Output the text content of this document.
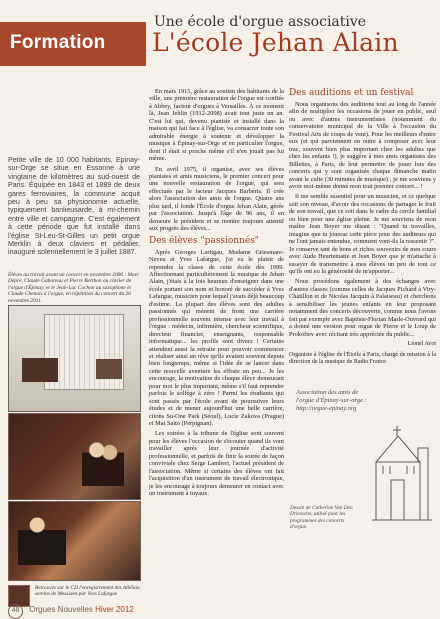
Formation
Une école d'orgue associative
L'école Jehan Alain
Petite ville de 10 000 habitants, Epinay-sur-Orge se situe en Essonne à une vingtaine de kilomètres au sud-ouest de Paris. Équipée en 1843 et 1889 de deux gares ferroviaires, la commune acquit peu à peu sa physionomie actuelle, typiquement banlieusarde, à mi-chemin entre ville et campagne. C'est également à cette période que fut installé dans l'église St-Leu-St-Gilles un petit orgue Merklin à deux claviers et pédalier, inauguré solennellement le 3 juillet 1887.
Élèves au travail avant un concert en novembre 2006 : Marc Dépré, Claude Gaboreau et Pierre Berthon au clavier de l'orgue d'Épinay, et le Jean-Luc Cochon au saxophone et Claude Chenais à l'orgue, en répétition du concert du 20 novembre 2011.
Retrouvez sur le CD l'enregistrement des Alléluia sereins de Messiaen par Yves Lafargue
48 Orgues Nouvelles Hiver 2012

En mars 1915, grâce au soutien des habitants de la ville, une première restauration de l'orgue est confiée à Abbey, facteur d'orgues à Versailles. À ce moment là, Jean Jehlin (1912-2008) avait tout juste un an. C'est lui qui, devenu pianiste et installé dans la maison qui fait face à l'église, va consacrer toute son admirable énergie à soutenir et développer la musique à Épinay-sur-Orge et en particulier l'orgue, dont il était si proche même s'il n'en jouait pas lui même.

En avril 1975, il organise, avec ses élèves pianistes et amis musiciens, le premier concert pour une nouvelle restauration de l'orgue, qui sera effectuée par le facteur Jacques Barbéris. Il crée alors l'association des amis de l'orgue. Quatre ans plus tard, il fonde l'École d'orgue Jehan Alain, gérée par l'association. Jusqu'à l'âge de 96 ans, il en demeure le président et se montre toujours attentif aux progrès des élèves...

Des élèves "passionnés"

Après Georges Lartigau, Madame Griesmare-Neveu et Yves Lafargue, j'ai eu le plaisir de reprendre la classe de cette école dès 1999. Affectionnant particulièrement la musique de Jehan Alain, j'étais à la fois heureux d'enseigner dans une école portant son nom et honoré de succéder à Yves Lafargue, musicien pour lequel j'avais déjà beaucoup d'estime. La plupart des élèves sont des adultes passionnés qui mènent de front une carrière professionnelle souvent intense avec leur travail à l'orgue : médecin, infirmière, chercheur scientifique, directeur financier, enseignants, responsable informatique... les profils sont divers ! Certains attendent aussi la retraite pour pouvoir commencer et réaliser ainsi un rêve qu'ils avaient souvent depuis bien longtemps, même si l'idée de se lancer dans cette nouvelle aventure les effraie un peu... Je les encourage, la motivation de chaque élève demeurant pour moi le plus important, même s'il faut reprendre parfois le solfège à zéro ! Parmi les étudiants qui sont passés par l'école avant de poursuivre leurs études et de mener aujourd'hui une belle carrière, citons Su-One Park (Séoul), Lucie Zakova (Prague) et Mai Saito (Perpignan).

Les soirées à la tribune de l'église sont souvent pour les élèves l'occasion de s'écouter quand ils vont travailler après leur journée d'activité professionnelle, et parfois de finir la soirée de façon conviviale chez Serge Lambert, l'actuel président de l'association. Même si certains des élèves ont fait l'acquisition d'un instrument de travail électronique, je les encourage à toujours demeurer en contact avec un instrument à tuyaux.

Des auditions et un festival

Nous organisons des auditions tout au long de l'année afin de multiplier les occasions de jouer en public, seul ou avec d'autres instrumentistes (notamment du conservatoire municipal de la Ville à l'occasion du Festival Arts de coups de vent). Pour les meilleurs d'entre eux (et qui parviennent en outre à composer avec leur trac, souvent bien plus important chez les adultes que chez les enfants !), je suggère à mes amis organistes des Billettes, à Paris, de leur permettre de jouer lors des concerts qui y sont organisés chaque dimanche matin avant le culte (30 minutes de musique) ; je me souviens y avoir moi-même donné mon tout premier concert... !

Il me semble essentiel pour un musicien, et ce quelque soit son niveau, d'avoir des occasions de partager le fruit de son travail, que ce soit dans le cadre du cercle familial ou bien pour une église pleine. Je me souviens de mon maître Jean Boyer me disant : "Quand tu travailles, imagine que tu joueras cette pièce pour des auditeurs qui ne l'ont jamais entendue, comment vont-ils la ressentir ?". Je conserve tant de bons et riches souvenirs de mes cours avec Aude Heurtematte et Jean Boyer que je m'attache à essayer de transmettre à mes élèves un peu de tout ce qu'ils ont eu la générosité de m'apporter...

Nous procédons également à des échanges avec d'autres classes (comme celles de Jacques Pichard à Viry-Chatillon et de Nicolas Jacquin à Palaiseau) et cherchons à sensibiliser les jeunes enfants en leur proposant notamment des concerts découverte, comme nous l'avons fait par exemple avec Baptiste-Florian Marle-Ouvrard qui a donné une version pour orgue de Pierre et le Loup de Prokofiev avec récitant très appréciée du public...

Lionel Avot

Organiste à l'église de l'Étoile à Paris, chargé de mission à la direction de la musique de Radio France

Association des amis de l'orgue d'Épinay-sur-orge : http://orgue-epinay.org
Dessin de Catherine Van Den Driessche, utilisé pour les programmes des concerts d'orgue.
